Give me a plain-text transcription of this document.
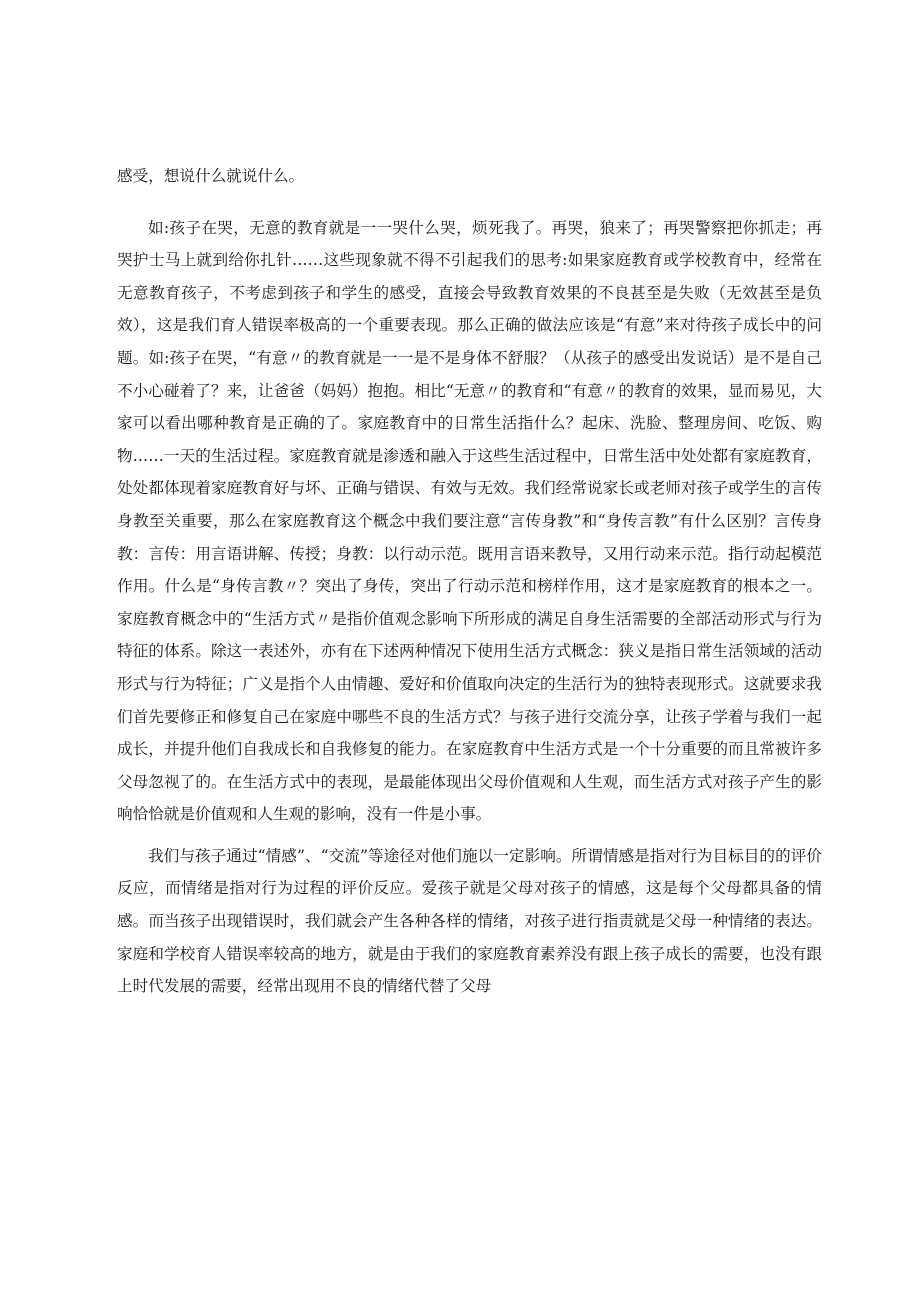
感受，想说什么就说什么。

如:孩子在哭，无意的教育就是一一哭什么哭，烦死我了。再哭，狼来了；再哭警察把你抓走；再哭护士马上就到给你扎针……这些现象就不得不引起我们的思考:如果家庭教育或学校教育中，经常在无意教育孩子，不考虑到孩子和学生的感受，直接会导致教育效果的不良甚至是失败（无效甚至是负效），这是我们育人错误率极高的一个重要表现。那么正确的做法应该是“有意”来对待孩子成长中的问题。如:孩子在哭，“有意〃的教育就是一一是不是身体不舒服？（从孩子的感受出发说话）是不是自己不小心碰着了？来，让爸爸（妈妈）抱抱。相比“无意〃的教育和“有意〃的教育的效果，显而易见，大家可以看出哪种教育是正确的了。家庭教育中的日常生活指什么？起床、洗脸、整理房间、吃饭、购物……一天的生活过程。家庭教育就是渗透和融入于这些生活过程中，日常生活中处处都有家庭教育，处处都体现着家庭教育好与坏、正确与错误、有效与无效。我们经常说家长或老师对孩子或学生的言传身教至关重要，那么在家庭教育这个概念中我们要注意“言传身教”和“身传言教”有什么区别？言传身教：言传：用言语讲解、传授；身教：以行动示范。既用言语来教导，又用行动来示范。指行动起模范作用。什么是“身传言教〃？突出了身传，突出了行动示范和榜样作用，这才是家庭教育的根本之一。家庭教育概念中的“生活方式〃是指价值观念影响下所形成的满足自身生活需要的全部活动形式与行为特征的体系。除这一表述外，亦有在下述两种情况下使用生活方式概念：狭义是指日常生活领域的活动形式与行为特征；广义是指个人由情趣、爱好和价值取向决定的生活行为的独特表现形式。这就要求我们首先要修正和修复自己在家庭中哪些不良的生活方式？与孩子进行交流分享，让孩子学着与我们一起成长，并提升他们自我成长和自我修复的能力。在家庭教育中生活方式是一个十分重要的而且常被许多父母忽视了的。在生活方式中的表现，是最能体现出父母价值观和人生观，而生活方式对孩子产生的影响恰恰就是价值观和人生观的影响，没有一件是小事。

我们与孩子通过“情感”、“交流”等途径对他们施以一定影响。所谓情感是指对行为目标目的的评价反应，而情绪是指对行为过程的评价反应。爱孩子就是父母对孩子的情感，这是每个父母都具备的情感。而当孩子出现错误时，我们就会产生各种各样的情绪，对孩子进行指责就是父母一种情绪的表达。家庭和学校育人错误率较高的地方，就是由于我们的家庭教育素养没有跟上孩子成长的需要，也没有跟上时代发展的需要，经常出现用不良的情绪代替了父母
